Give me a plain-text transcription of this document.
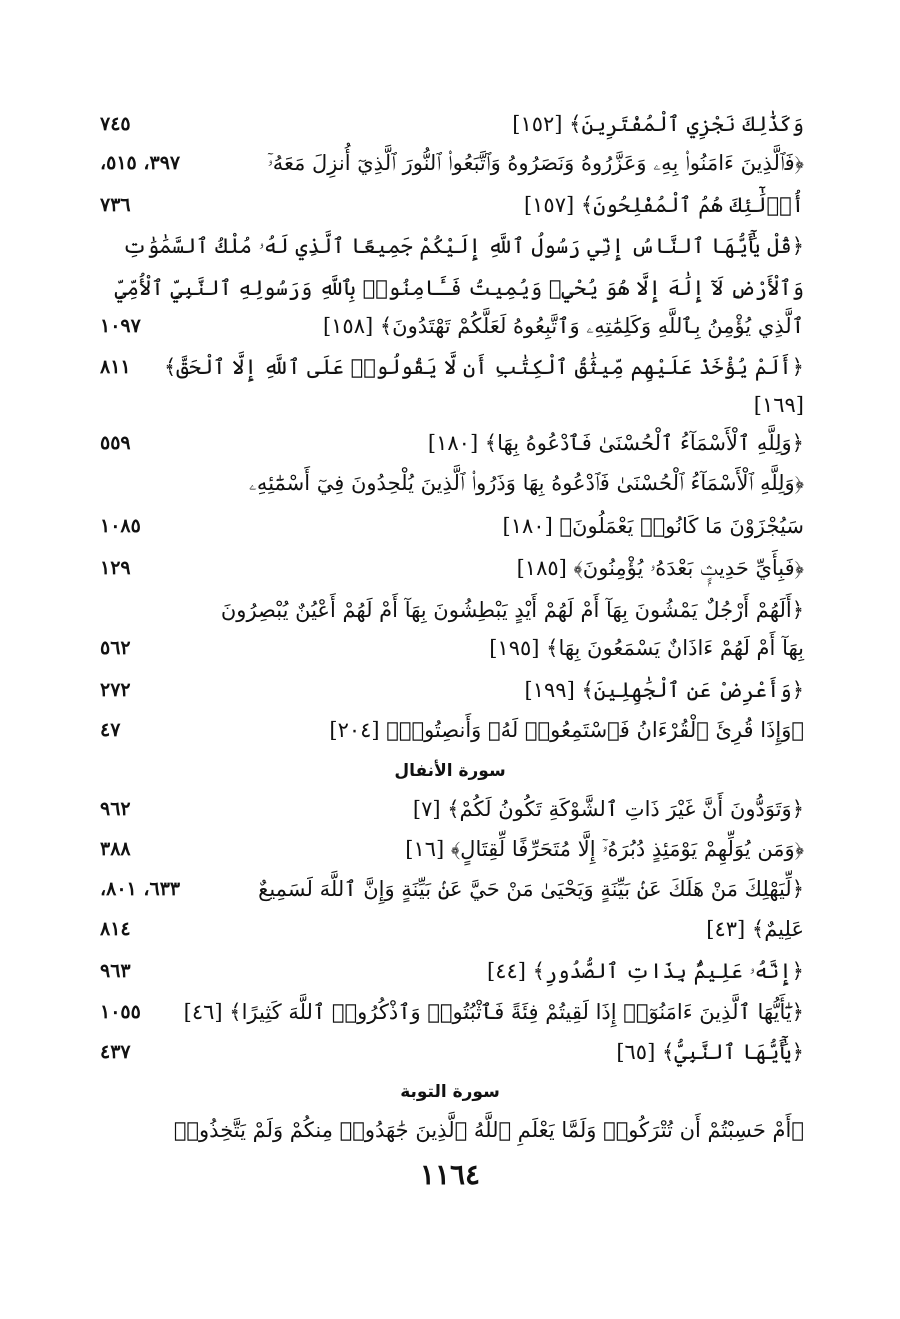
وَكَذَٰلِكَ نَجْزِي ٱلْمُفْتَرِينَ﴾ [١٥٢]
٧٤٥
﴿فَٱلَّذِينَ ءَامَنُوا۟ بِهِۦ وَعَزَّرُوهُ وَنَصَرُوهُ وَٱتَّبَعُوا۟ ٱلنُّورَ ٱلَّذِيٓ أُنزِلَ مَعَهُۥٓ
٣٩٧، ٥١٥،
أُو۟لَٰٓئِكَ هُمُ ٱلْمُفْلِحُونَ﴾ [١٥٧]
٧٣٦
﴿قُلْ يَٰٓأَيُّهَا ٱلنَّاسُ إِنِّي رَسُولُ ٱللَّهِ إِلَيْكُمْ جَمِيعًا ٱلَّذِي لَهُۥ مُلْكُ ٱلسَّمَٰوَٰتِ
وَٱلْأَرْضِ لَآ إِلَٰهَ إِلَّا هُوَ يُحْيِۦ وَيُمِيتُ فَـَٔامِنُوا۟ بِٱللَّهِ وَرَسُولِهِ ٱلنَّبِيِّ ٱلْأُمِّيِّ
ٱلَّذِي يُؤْمِنُ بِٱللَّهِ وَكَلِمَٰتِهِۦ وَٱتَّبِعُوهُ لَعَلَّكُمْ تَهْتَدُونَ﴾ [١٥٨]
١٠٩٧
﴿أَلَمْ يُؤْخَذْ عَلَيْهِم مِّيثَٰقُ ٱلْكِتَٰبِ أَن لَّا يَقُولُوا۟ عَلَى ٱللَّهِ إِلَّا ٱلْحَقَّ﴾
٨١١
[١٦٩]
﴿وَلِلَّهِ ٱلْأَسْمَآءُ ٱلْحُسْنَىٰ فَٱدْعُوهُ بِهَا﴾ [١٨٠]
٥٥٩
﴿وَلِلَّهِ ٱلْأَسْمَآءُ ٱلْحُسْنَىٰ فَٱدْعُوهُ بِهَا وَذَرُوا۟ ٱلَّذِينَ يُلْحِدُونَ فِيٓ أَسْمَٰٓئِهِۦ
سَيُجْزَوْنَ مَا كَانُوا۟ يَعْمَلُونَ﴾ [١٨٠]
١٠٨٥
﴿فَبِأَيِّ حَدِيثٍۭ بَعْدَهُۥ يُؤْمِنُونَ﴾ [١٨٥]
١٢٩
﴿أَلَهُمْ أَرْجُلٌ يَمْشُونَ بِهَآ أَمْ لَهُمْ أَيْدٍ يَبْطِشُونَ بِهَآ أَمْ لَهُمْ أَعْيُنٌ يُبْصِرُونَ
بِهَآ أَمْ لَهُمْ ءَاذَانٌ يَسْمَعُونَ بِهَا﴾ [١٩٥]
٥٦٢
﴿وَأَعْرِضْ عَنِ ٱلْجَٰهِلِينَ﴾ [١٩٩]
٢٧٢
﴿وَإِذَا قُرِئَ ٱلْقُرْءَانُ فَٱسْتَمِعُوا۟ لَهُۥ وَأَنصِتُوا۟﴾ [٢٠٤]
٤٧
سورة الأنفال
﴿وَتَوَدُّونَ أَنَّ غَيْرَ ذَاتِ ٱلشَّوْكَةِ تَكُونُ لَكُمْ﴾ [٧]
٩٦٢
﴿وَمَن يُوَلِّهِمْ يَوْمَئِذٍ دُبُرَهُۥٓ إِلَّا مُتَحَرِّفًا لِّقِتَالٍ﴾ [١٦]
٣٨٨
﴿لِّيَهْلِكَ مَنْ هَلَكَ عَنۢ بَيِّنَةٍ وَيَحْيَىٰ مَنْ حَيَّ عَنۢ بَيِّنَةٍ وَإِنَّ ٱللَّهَ لَسَمِيعٌ
٦٣٣، ٨٠١،
عَلِيمٌ﴾ [٤٣]
٨١٤
﴿إِنَّهُۥ عَلِيمٌۢ بِذَاتِ ٱلصُّدُورِ﴾ [٤٤]
٩٦٣
﴿يَٰٓأَيُّهَا ٱلَّذِينَ ءَامَنُوٓا۟ إِذَا لَقِيتُمْ فِئَةً فَٱثْبُتُوا۟ وَٱذْكُرُوا۟ ٱللَّهَ كَثِيرًا﴾ [٤٦]
١٠٥٥
﴿يَٰٓأَيُّهَا ٱلنَّبِيُّ﴾ [٦٥]
٤٣٧
سورة التوبة
﴿أَمْ حَسِبْتُمْ أَن تُتْرَكُوا۟ وَلَمَّا يَعْلَمِ ٱللَّهُ ٱلَّذِينَ جَٰهَدُوا۟ مِنكُمْ وَلَمْ يَتَّخِذُوا۟
١١٦٤
